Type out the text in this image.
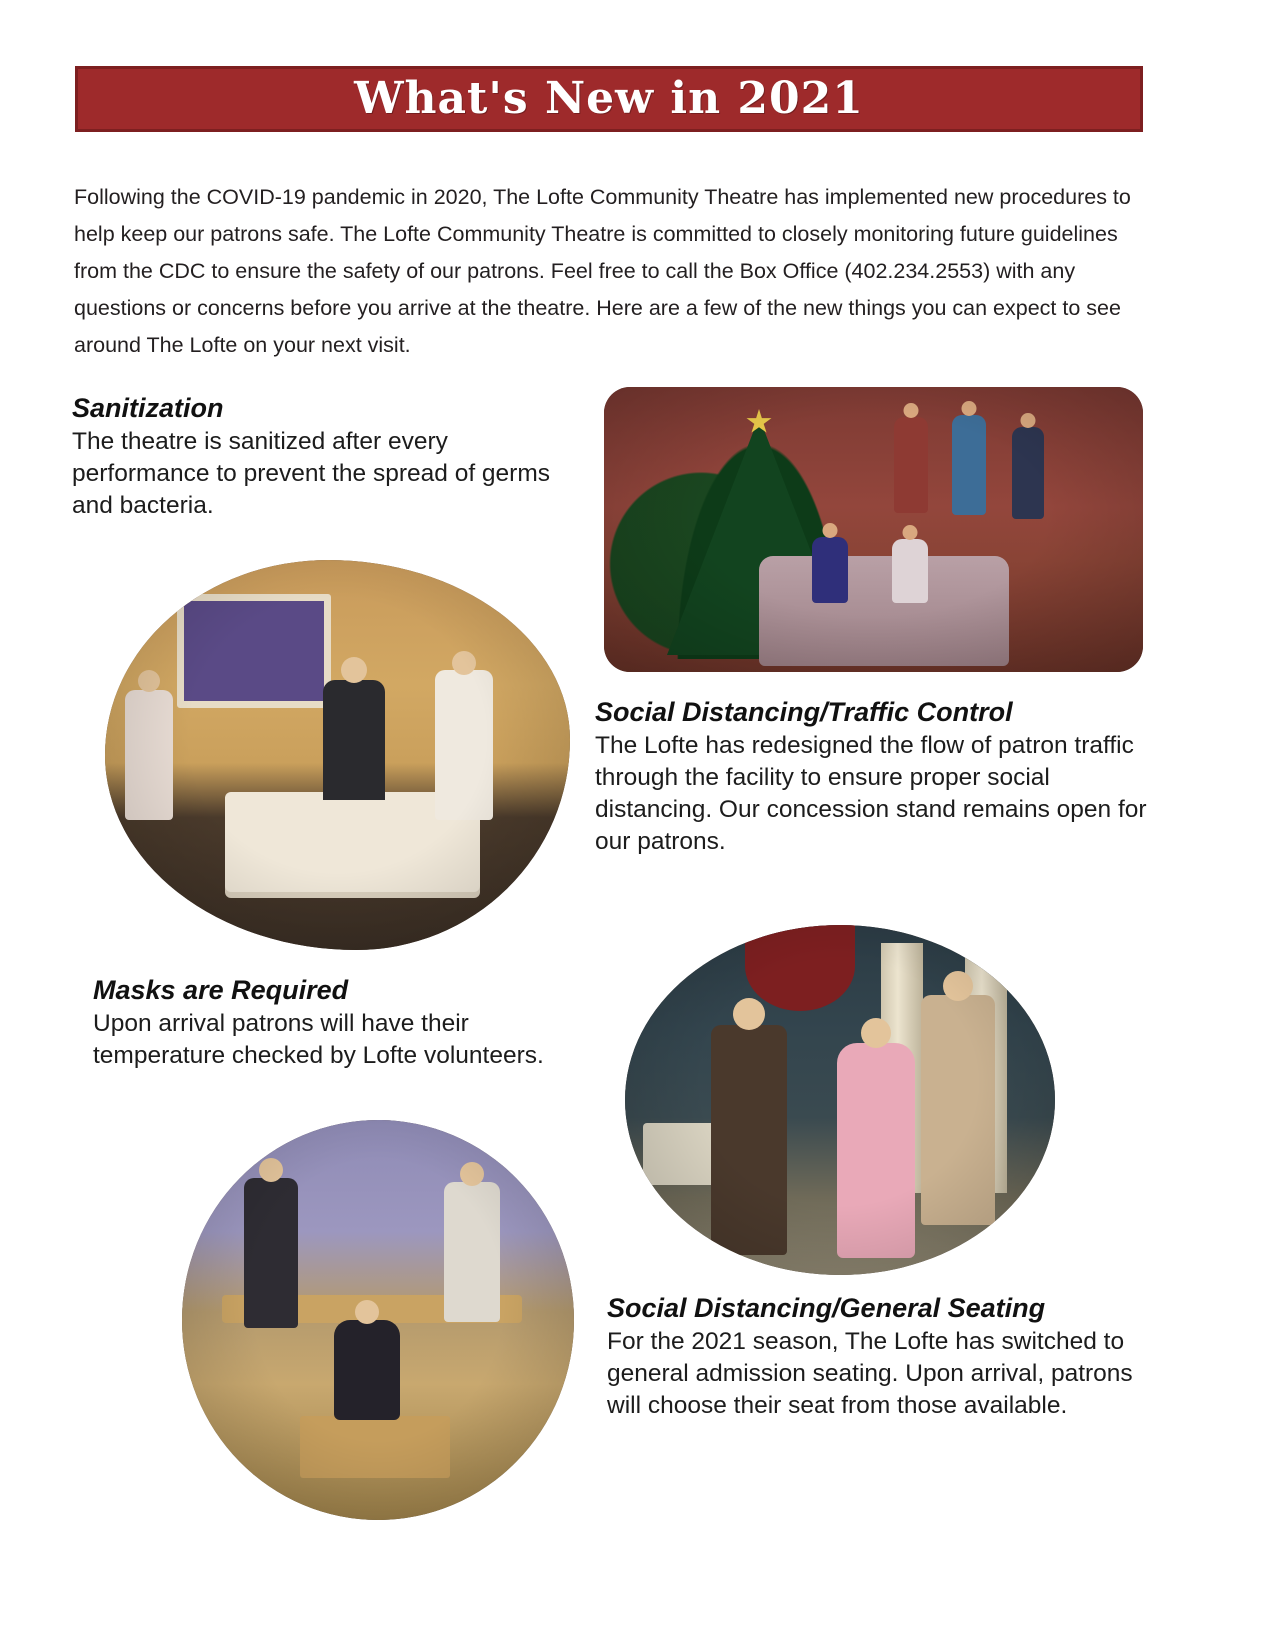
What's New in 2021

Following the COVID-19 pandemic in 2020, The Lofte Community Theatre has implemented new procedures to help keep our patrons safe. The Lofte Community Theatre is committed to closely monitoring future guidelines from the CDC to ensure the safety of our patrons. Feel free to call the Box Office (402.234.2553) with any questions or concerns before you arrive at the theatre. Here are a few of the new things you can expect to see around The Lofte on your next visit.

Sanitization

The theatre is sanitized after every performance to prevent the spread of germs and bacteria.

Social Distancing/Traffic Control

The Lofte has redesigned the flow of patron traffic through the facility to ensure proper social distancing. Our concession stand remains open for our patrons.

Masks are Required

Upon arrival patrons will have their temperature checked by Lofte volunteers.

Social Distancing/General Seating

For the 2021 season, The Lofte has switched to general admission seating. Upon arrival, patrons will choose their seat from those available.
